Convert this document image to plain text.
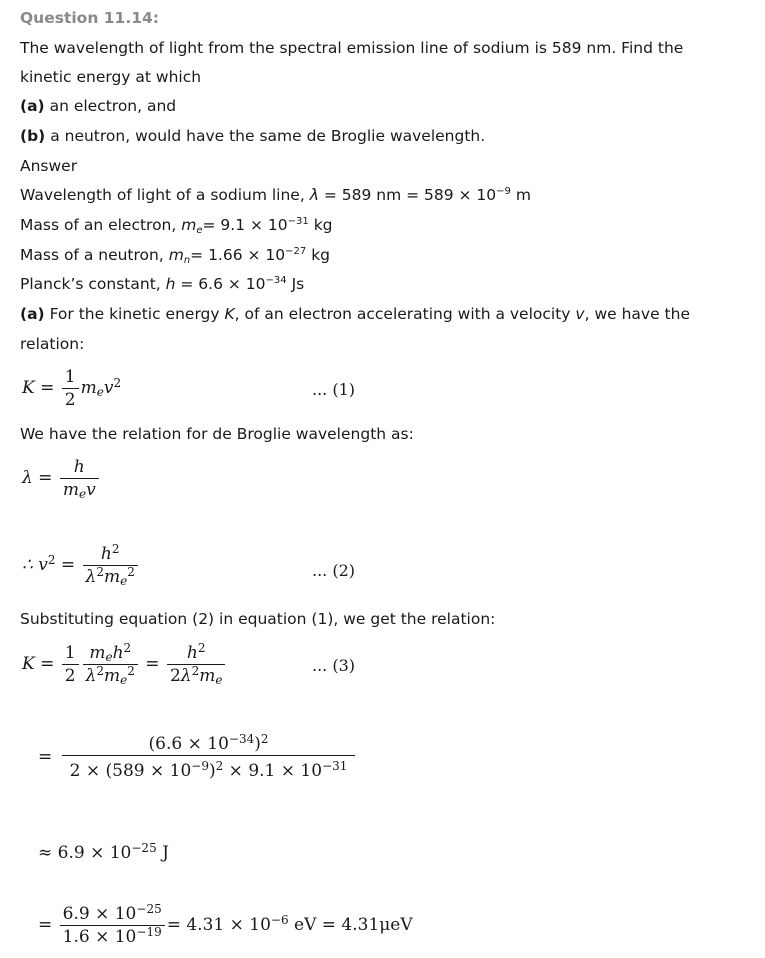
Question 11.14:
The wavelength of light from the spectral emission line of sodium is 589 nm. Find the
kinetic energy at which
(a) an electron, and
(b) a neutron, would have the same de Broglie wavelength.
Answer
Wavelength of light of a sodium line, λ = 589 nm = $589 \times 10^{-9}$ m
Mass of an electron, $m_e= 9.1 \times 10^{-31}$ kg
Mass of a neutron, $m_n= 1.66 \times 10^{-27}$ kg
Planck’s constant, $h = 6.6 \times 10^{-34}$ Js
(a) For the kinetic energy K, of an electron accelerating with a velocity v, we have the
relation:
$K = \frac{1}{2} m_ev^2$	... (1)
We have the relation for de Broglie wavelength as:
$\lambda = \frac{h}{m_ev}$
∴ $v^2 = \frac{h^2}{\lambda^2m_e^2}$	... (2)
Substituting equation (2) in equation (1), we get the relation:
$K = \frac{1}{2} \frac{m_eh^2}{\lambda^2m_e^2} = \frac{h^2}{2\lambda^2m_e}$	... (3)
= $\frac{(6.6 \times 10^{-34})^2}{2 \times (589 \times 10^{-9})^2 \times 9.1 \times 10^{-31}}$
≈ $6.9 \times 10^{-25}$ J
= $\frac{6.9 \times 10^{-25}}{1.6 \times 10^{-19}} = 4.31 \times 10^{-6}$ eV = 4.31μeV
